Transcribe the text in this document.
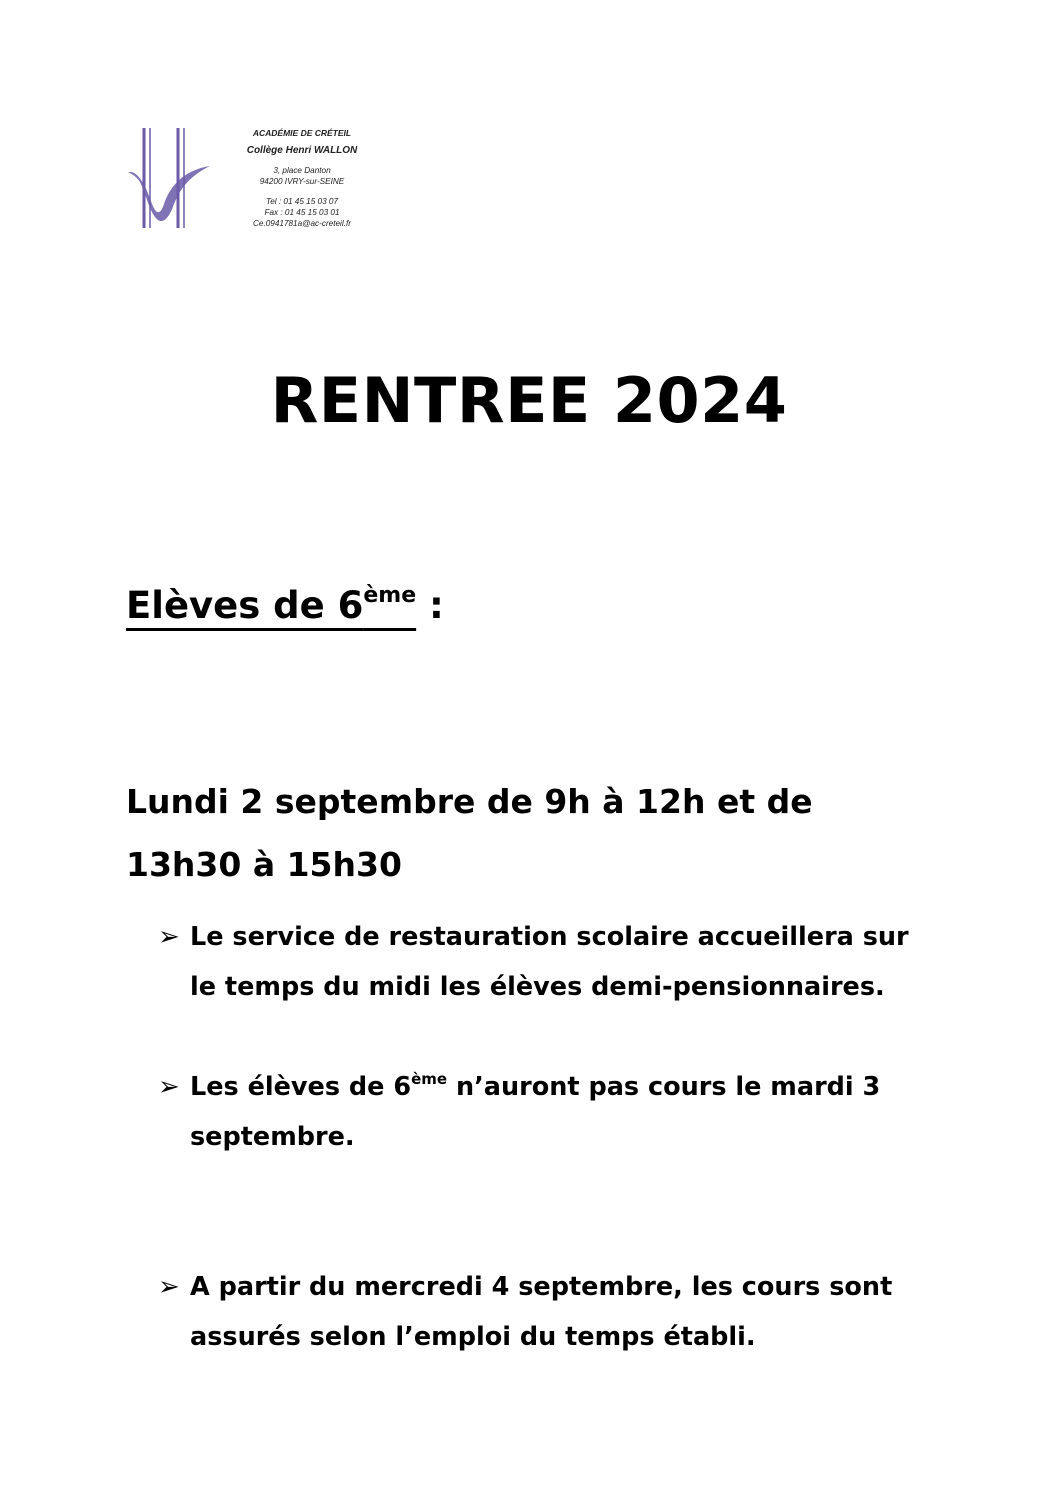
ACADÉMIE DE CRÉTEIL
Collège Henri WALLON
3, place Danton
94200 IVRY-sur-SEINE
Tel : 01 45 15 03 07
Fax : 01 45 15 03 01
Ce.0941781a@ac-creteil.fr
RENTREE 2024
Elèves de 6ème :
Lundi 2 septembre de 9h à 12h et de
13h30 à 15h30
➢ Le service de restauration scolaire accueillera sur
le temps du midi les élèves demi-pensionnaires.
➢ Les élèves de 6ème n’auront pas cours le mardi 3
septembre.
➢ A partir du mercredi 4 septembre, les cours sont
assurés selon l’emploi du temps établi.
